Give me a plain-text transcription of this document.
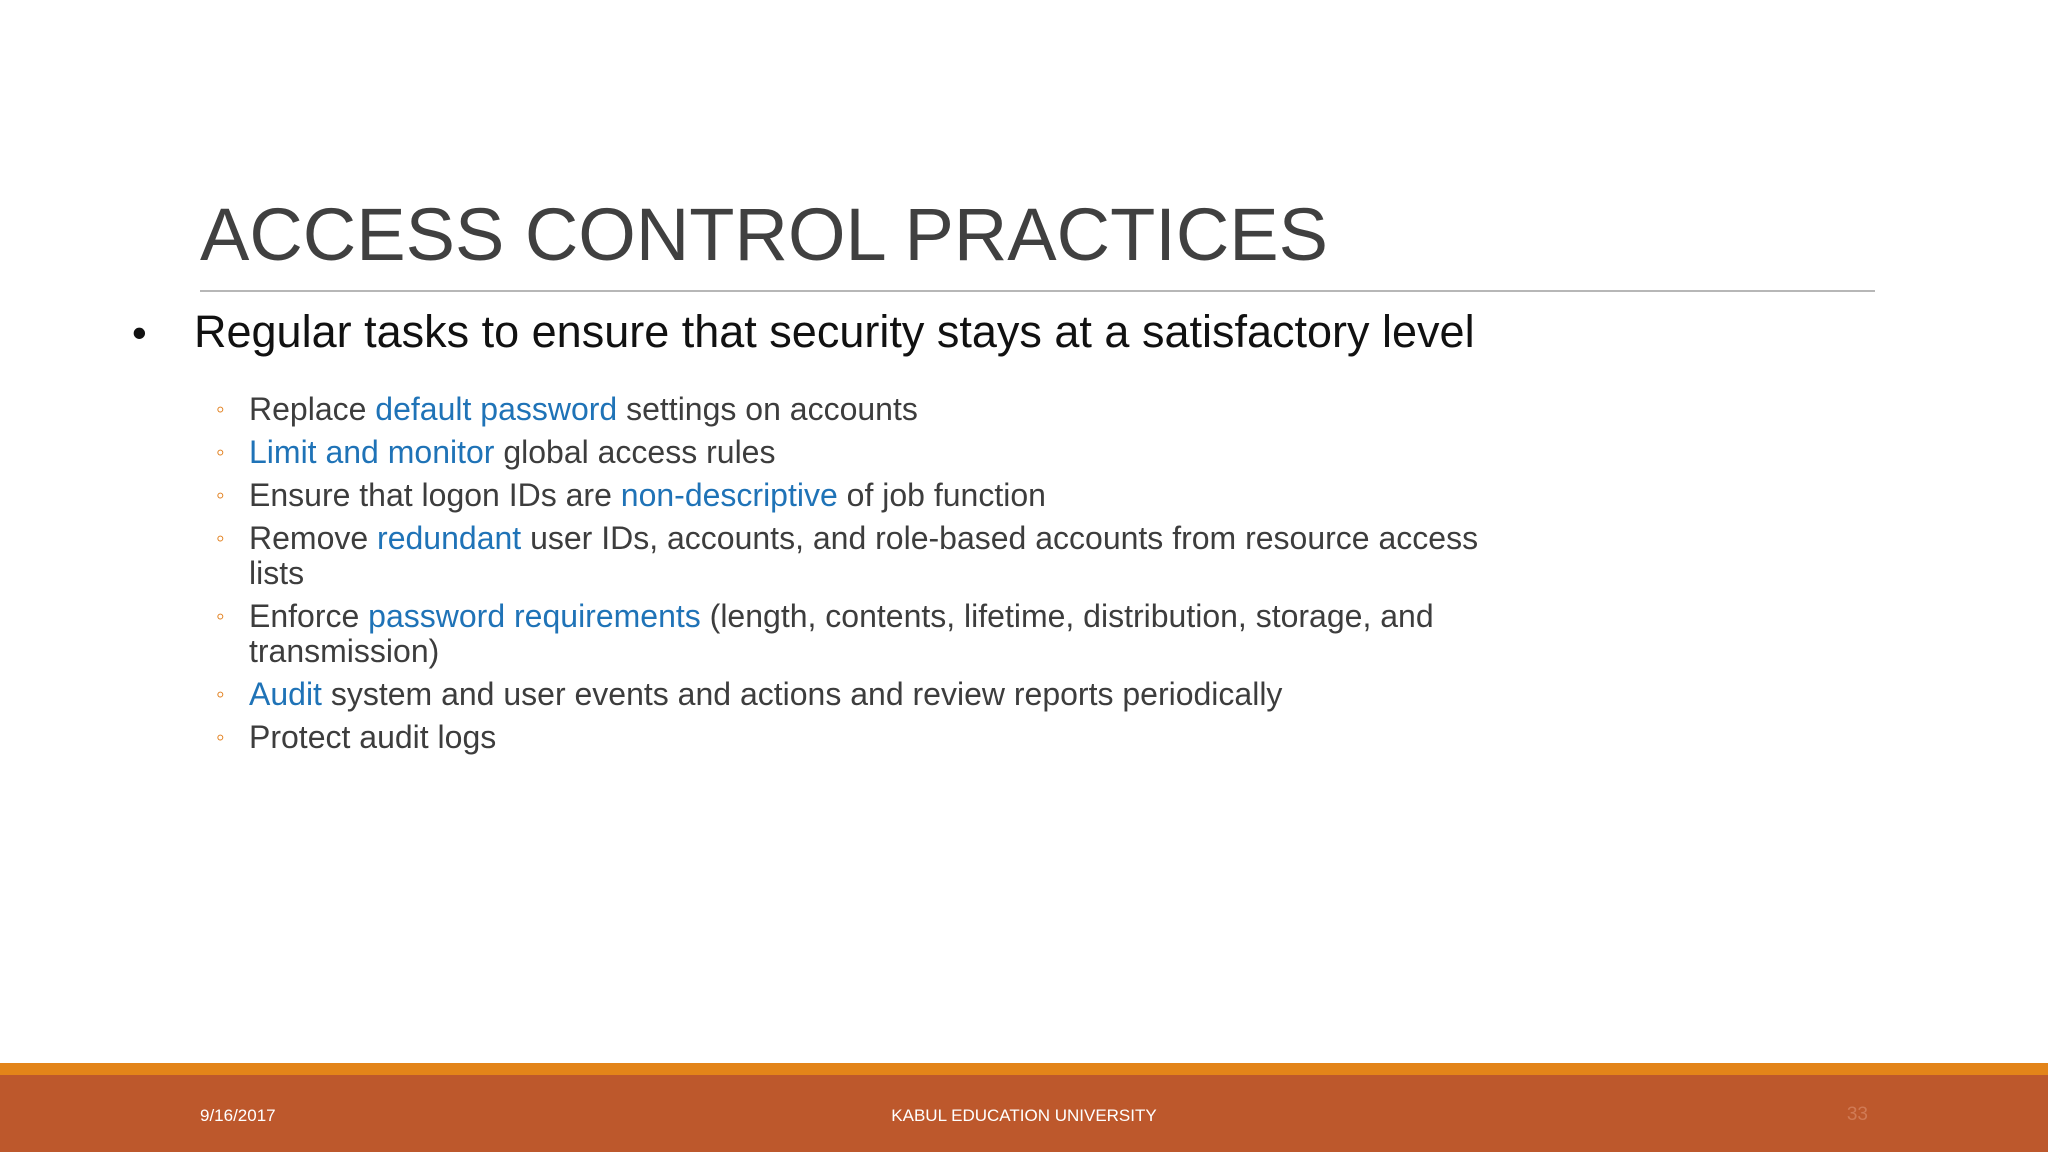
ACCESS CONTROL PRACTICES
•	Regular tasks to ensure that security stays at a satisfactory level
◦ Replace default password settings on accounts
◦ Limit and monitor global access rules
◦ Ensure that logon IDs are non-descriptive of job function
◦ Remove redundant user IDs, accounts, and role-based accounts from resource access lists
◦ Enforce password requirements (length, contents, lifetime, distribution, storage, and transmission)
◦ Audit system and user events and actions and review reports periodically
◦ Protect audit logs
9/16/2017	KABUL EDUCATION UNIVERSITY	33
